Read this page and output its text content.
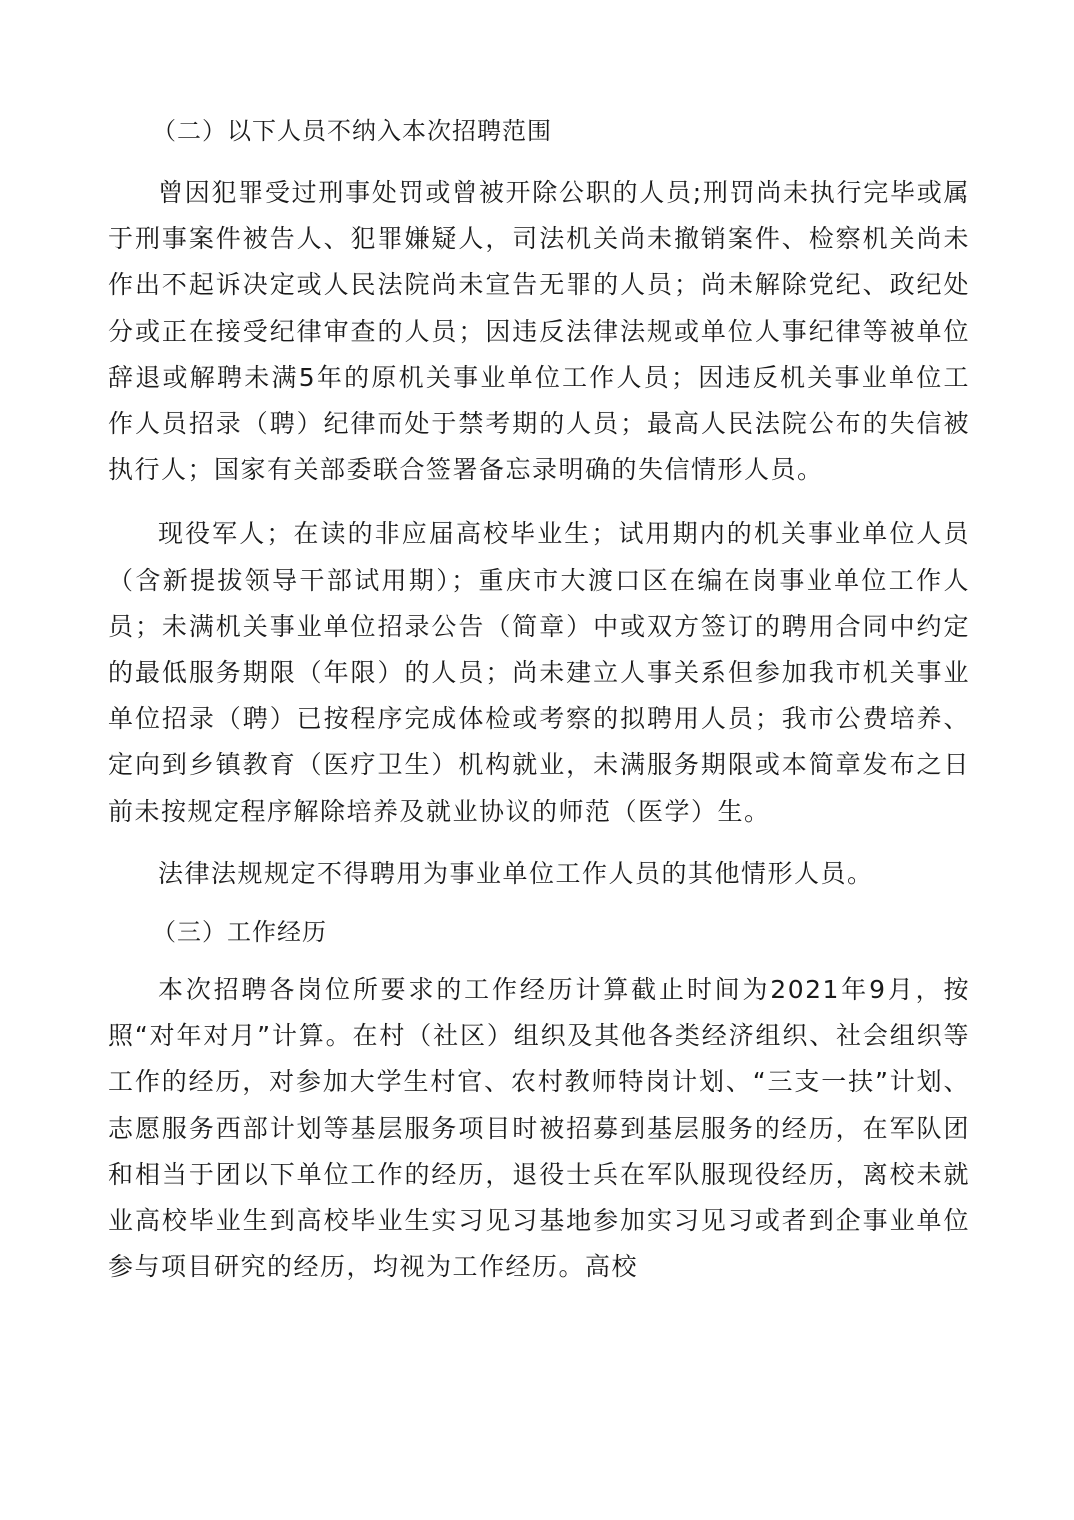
（二）以下人员不纳入本次招聘范围

曾因犯罪受过刑事处罚或曾被开除公职的人员;刑罚尚未执行完毕或属于刑事案件被告人、犯罪嫌疑人，司法机关尚未撤销案件、检察机关尚未作出不起诉决定或人民法院尚未宣告无罪的人员；尚未解除党纪、政纪处分或正在接受纪律审查的人员；因违反法律法规或单位人事纪律等被单位辞退或解聘未满5年的原机关事业单位工作人员；因违反机关事业单位工作人员招录（聘）纪律而处于禁考期的人员；最高人民法院公布的失信被执行人；国家有关部委联合签署备忘录明确的失信情形人员。

现役军人；在读的非应届高校毕业生；试用期内的机关事业单位人员（含新提拔领导干部试用期）；重庆市大渡口区在编在岗事业单位工作人员；未满机关事业单位招录公告（简章）中或双方签订的聘用合同中约定的最低服务期限（年限）的人员；尚未建立人事关系但参加我市机关事业单位招录（聘）已按程序完成体检或考察的拟聘用人员；我市公费培养、定向到乡镇教育（医疗卫生）机构就业，未满服务期限或本简章发布之日前未按规定程序解除培养及就业协议的师范（医学）生。

法律法规规定不得聘用为事业单位工作人员的其他情形人员。

（三）工作经历

本次招聘各岗位所要求的工作经历计算截止时间为2021年9月，按照“对年对月”计算。在村（社区）组织及其他各类经济组织、社会组织等工作的经历，对参加大学生村官、农村教师特岗计划、“三支一扶”计划、志愿服务西部计划等基层服务项目时被招募到基层服务的经历，在军队团和相当于团以下单位工作的经历，退役士兵在军队服现役经历，离校未就业高校毕业生到高校毕业生实习见习基地参加实习见习或者到企事业单位参与项目研究的经历，均视为工作经历。高校
